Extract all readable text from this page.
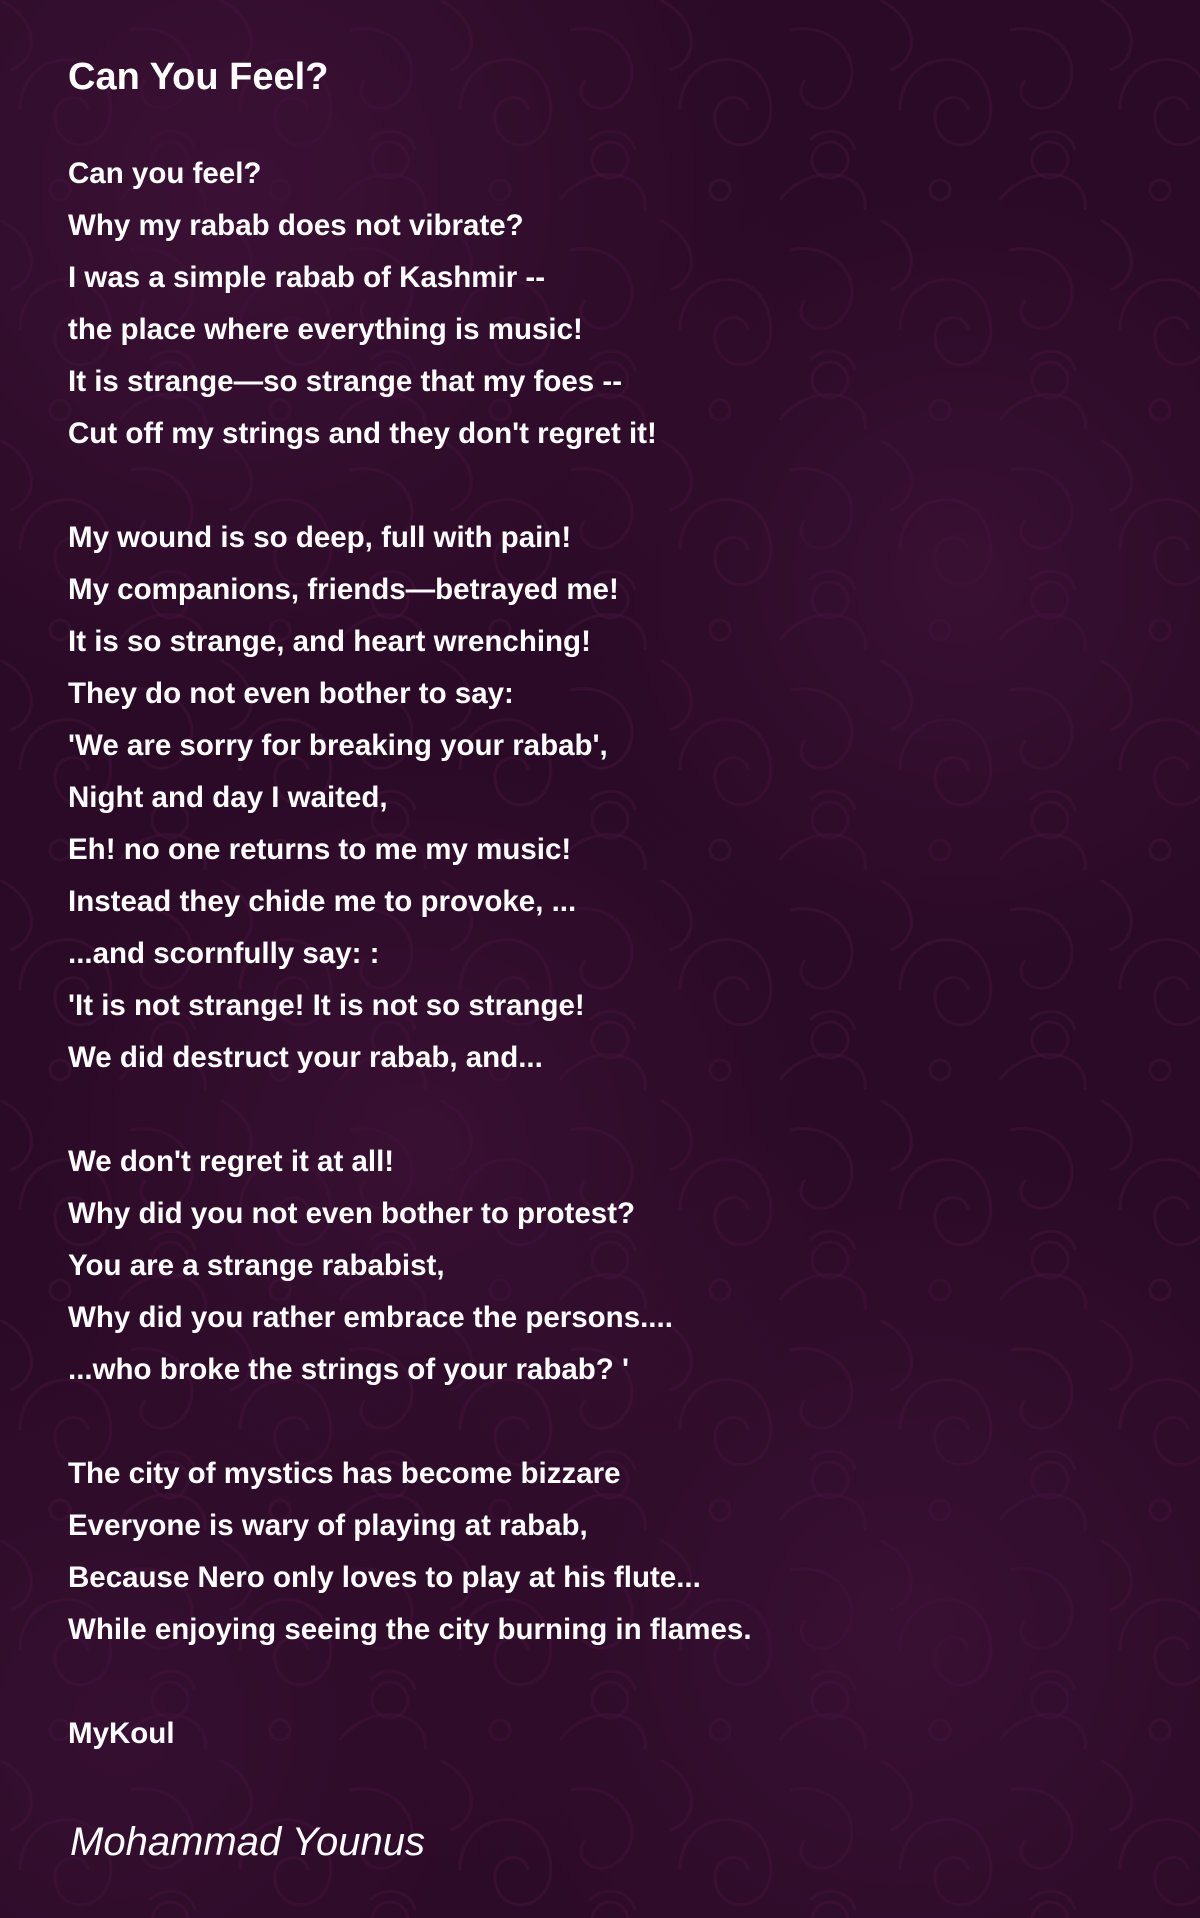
Can You Feel?
Can you feel?
Why my rabab does not vibrate?
I was a simple rabab of Kashmir --
the place where everything is music!
It is strange—so strange that my foes --
Cut off my strings and they don't regret it!
My wound is so deep, full with pain!
My companions, friends—betrayed me!
It is so strange, and heart wrenching!
They do not even bother to say:
'We are sorry for breaking your rabab',
Night and day I waited,
Eh! no one returns to me my music!
Instead they chide me to provoke, ...
...and scornfully say: :
'It is not strange! It is not so strange!
We did destruct your rabab, and...
We don't regret it at all!
Why did you not even bother to protest?
You are a strange rababist,
Why did you rather embrace the persons....
...who broke the strings of your rabab? '
The city of mystics has become bizzare
Everyone is wary of playing at rabab,
Because Nero only loves to play at his flute...
While enjoying seeing the city burning in flames.
MyKoul

Mohammad Younus
